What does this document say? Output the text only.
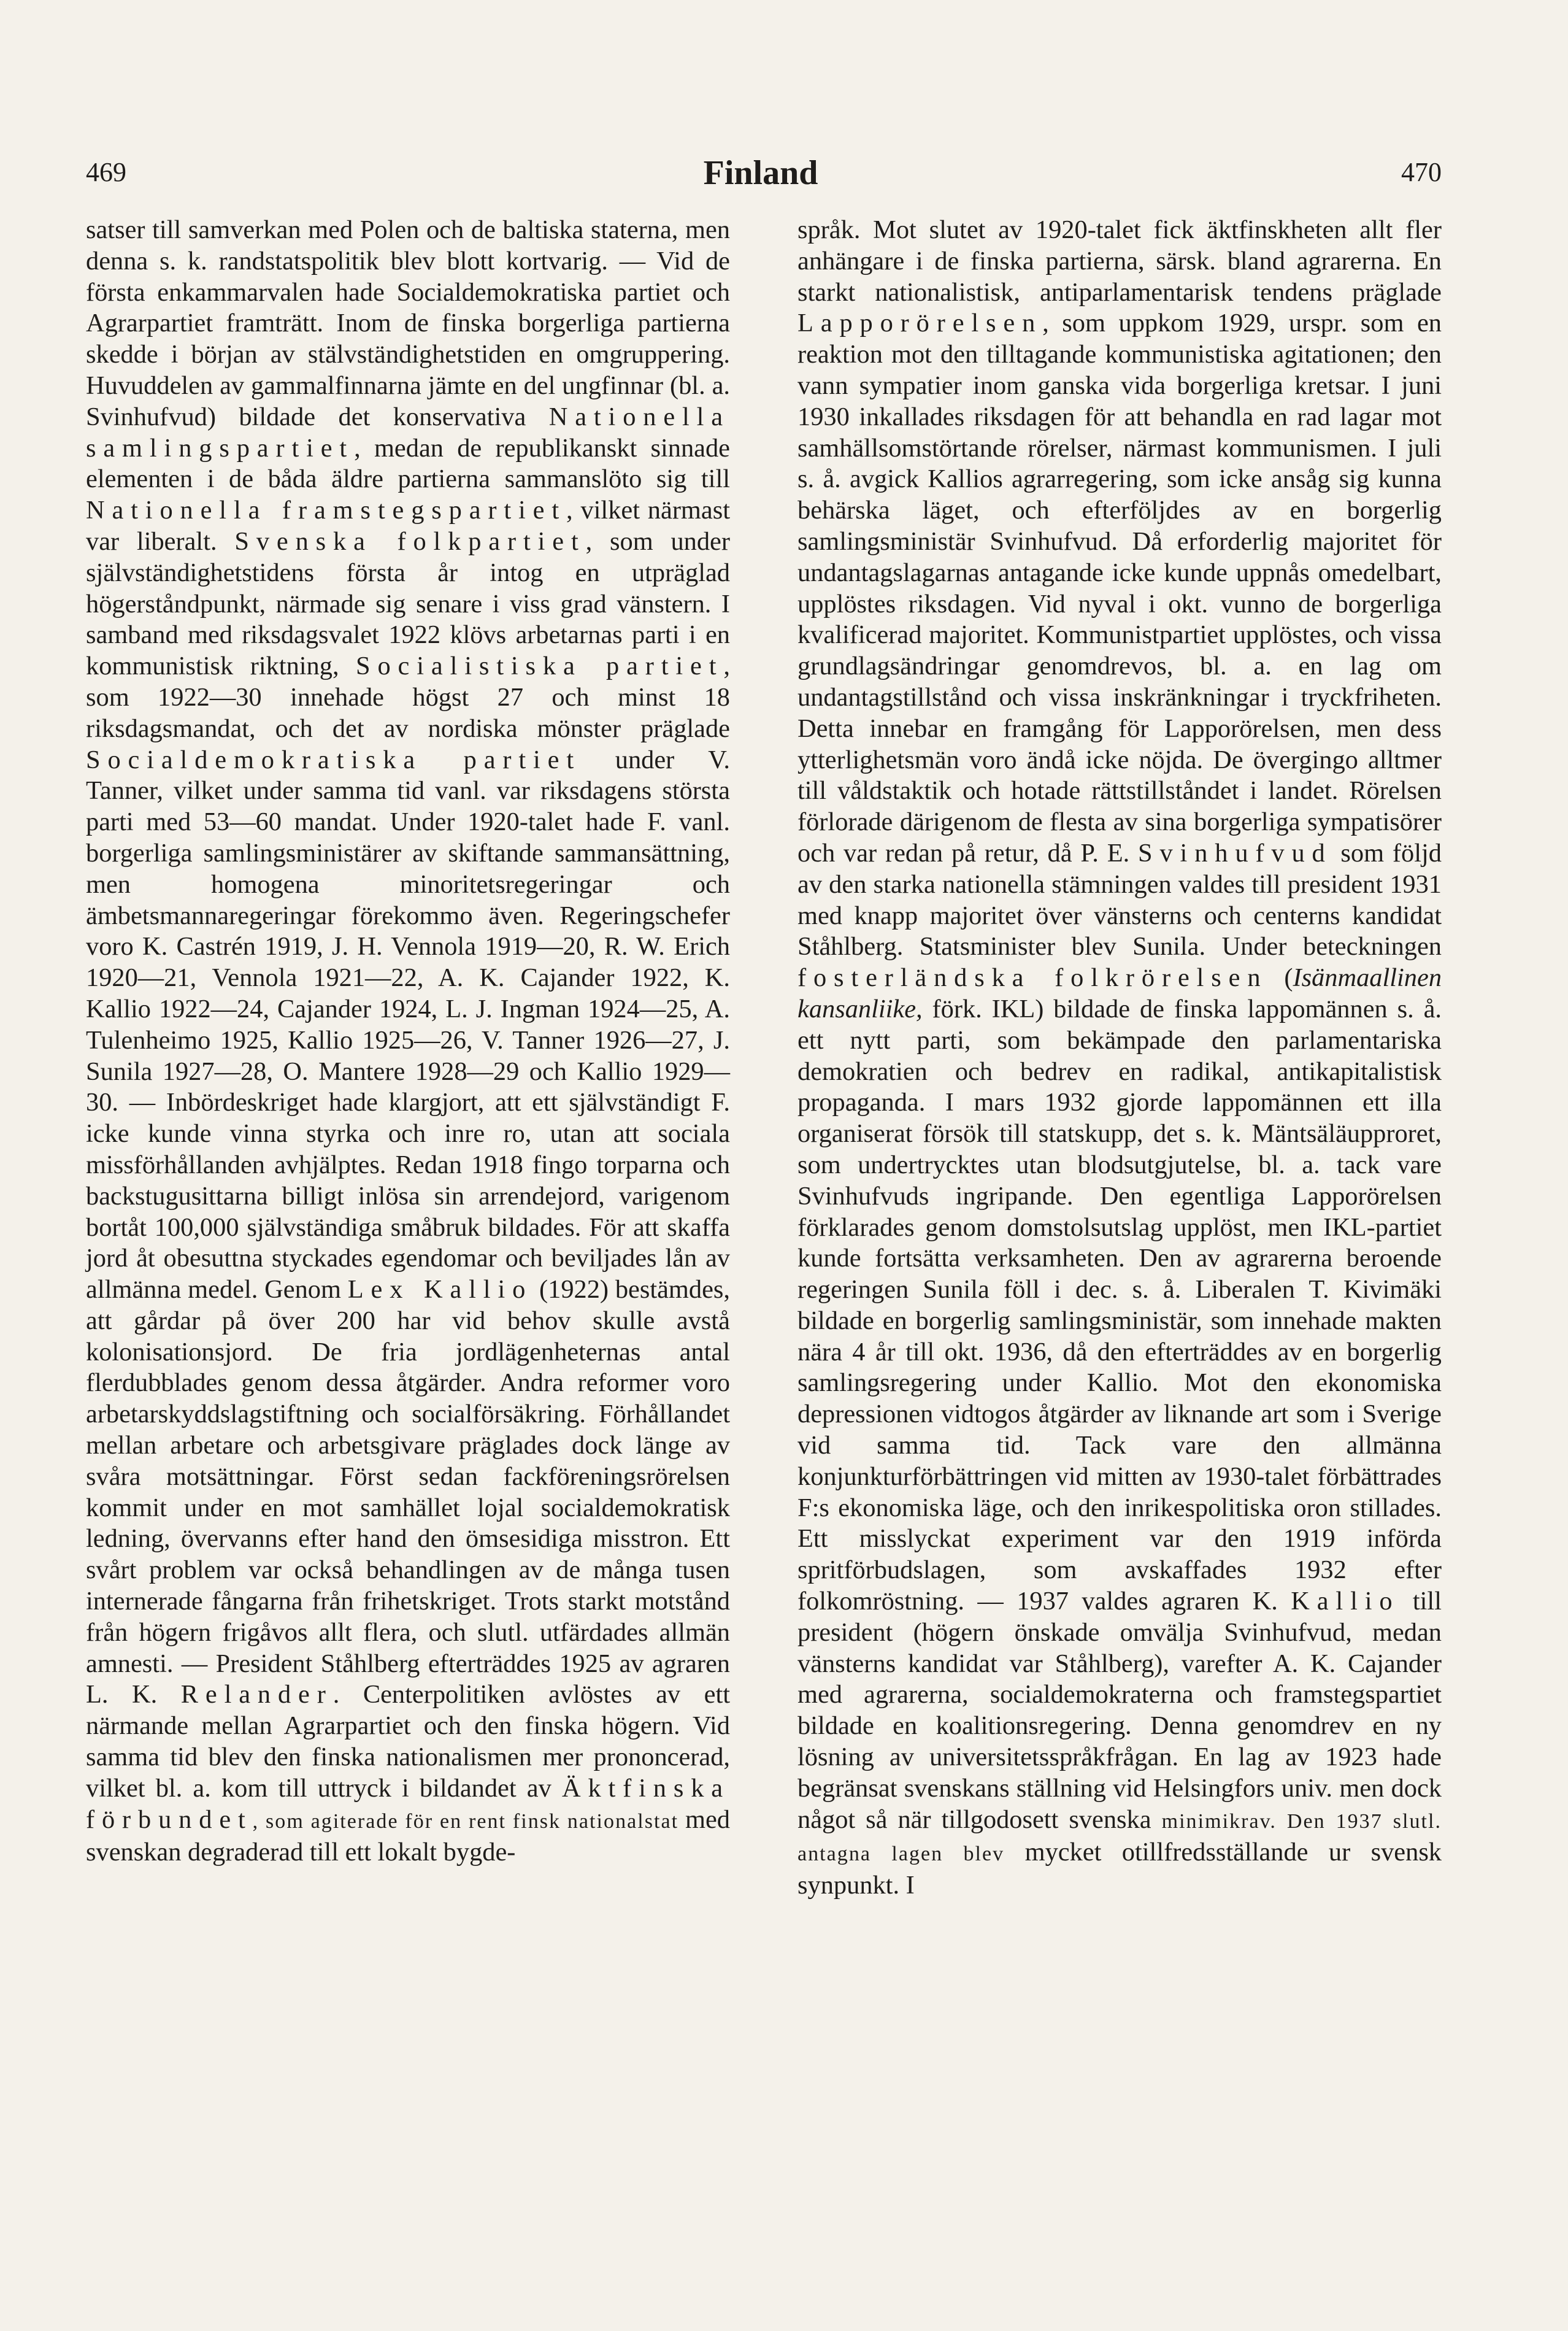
469	Finland	470

satser till samverkan med Polen och de baltiska staterna, men denna s. k. randstatspolitik blev blott kortvarig. — Vid de första enkammarvalen hade Socialdemokratiska partiet och Agrarpartiet framträtt. Inom de finska borgerliga partierna skedde i början av stälvständighetstiden en omgruppering. Huvuddelen av gammalfinnarna jämte en del ungfinnar (bl. a. Svinhufvud) bildade det konservativa Nationella samlingspartiet, medan de republikanskt sinnade elementen i de båda äldre partierna sammanslöto sig till Nationella framstegspartiet, vilket närmast var liberalt. Svenska folkpartiet, som under självständighetstidens första år intog en utpräglad högerståndpunkt, närmade sig senare i viss grad vänstern. I samband med riksdagsvalet 1922 klövs arbetarnas parti i en kommunistisk riktning, Socialistiska partiet, som 1922—30 innehade högst 27 och minst 18 riksdagsmandat, och det av nordiska mönster präglade Socialdemokratiska partiet under V. Tanner, vilket under samma tid vanl. var riksdagens största parti med 53—60 mandat. Under 1920-talet hade F. vanl. borgerliga samlingsministärer av skiftande sammansättning, men homogena minoritetsregeringar och ämbetsmannaregeringar förekommo även. Regeringschefer voro K. Castrén 1919, J. H. Vennola 1919—20, R. W. Erich 1920—21, Vennola 1921—22, A. K. Cajander 1922, K. Kallio 1922—24, Cajander 1924, L. J. Ingman 1924—25, A. Tulenheimo 1925, Kallio 1925—26, V. Tanner 1926—27, J. Sunila 1927—28, O. Mantere 1928—29 och Kallio 1929—30. — Inbördeskriget hade klargjort, att ett självständigt F. icke kunde vinna styrka och inre ro, utan att sociala missförhållanden avhjälptes. Redan 1918 fingo torparna och backstugusittarna billigt inlösa sin arrendejord, varigenom bortåt 100,000 självständiga småbruk bildades. För att skaffa jord åt obesuttna styckades egendomar och beviljades lån av allmänna medel. Genom Lex Kallio (1922) bestämdes, att gårdar på över 200 har vid behov skulle avstå kolonisationsjord. De fria jordlägenheternas antal flerdubblades genom dessa åtgärder. Andra reformer voro arbetarskyddslagstiftning och socialförsäkring. Förhållandet mellan arbetare och arbetsgivare präglades dock länge av svåra motsättningar. Först sedan fackföreningsrörelsen kommit under en mot samhället lojal socialdemokratisk ledning, övervanns efter hand den ömsesidiga misstron. Ett svårt problem var också behandlingen av de många tusen internerade fångarna från frihetskriget. Trots starkt motstånd från högern frigåvos allt flera, och slutl. utfärdades allmän amnesti. — President Ståhlberg efterträddes 1925 av agraren L. K. Relander. Centerpolitiken avlöstes av ett närmande mellan Agrarpartiet och den finska högern. Vid samma tid blev den finska nationalismen mer prononcerad, vilket bl. a. kom till uttryck i bildandet av Äktfinska förbundet, som agiterade för en rent finsk nationalstat med svenskan degraderad till ett lokalt bygde-

språk. Mot slutet av 1920-talet fick äktfinskheten allt fler anhängare i de finska partierna, särsk. bland agrarerna. En starkt nationalistisk, antiparlamentarisk tendens präglade Lapporörelsen, som uppkom 1929, urspr. som en reaktion mot den tilltagande kommunistiska agitationen; den vann sympatier inom ganska vida borgerliga kretsar. I juni 1930 inkallades riksdagen för att behandla en rad lagar mot samhällsomstörtande rörelser, närmast kommunismen. I juli s. å. avgick Kallios agrarregering, som icke ansåg sig kunna behärska läget, och efterföljdes av en borgerlig samlingsministär Svinhufvud. Då erforderlig majoritet för undantagslagarnas antagande icke kunde uppnås omedelbart, upplöstes riksdagen. Vid nyval i okt. vunno de borgerliga kvalificerad majoritet. Kommunistpartiet upplöstes, och vissa grundlagsändringar genomdrevos, bl. a. en lag om undantagstillstånd och vissa inskränkningar i tryckfriheten. Detta innebar en framgång för Lapporörelsen, men dess ytterlighetsmän voro ändå icke nöjda. De övergingo alltmer till våldstaktik och hotade rättstillståndet i landet. Rörelsen förlorade därigenom de flesta av sina borgerliga sympatisörer och var redan på retur, då P. E. Svinhufvud som följd av den starka nationella stämningen valdes till president 1931 med knapp majoritet över vänsterns och centerns kandidat Ståhlberg. Statsminister blev Sunila. Under beteckningen fosterländska folkrörelsen (Isänmaallinen kansanliike, förk. IKL) bildade de finska lappomännen s. å. ett nytt parti, som bekämpade den parlamentariska demokratien och bedrev en radikal, antikapitalistisk propaganda. I mars 1932 gjorde lappomännen ett illa organiserat försök till statskupp, det s. k. Mäntsäläupproret, som undertrycktes utan blodsutgjutelse, bl. a. tack vare Svinhufvuds ingripande. Den egentliga Lapporörelsen förklarades genom domstolsutslag upplöst, men IKL-partiet kunde fortsätta verksamheten. Den av agrarerna beroende regeringen Sunila föll i dec. s. å. Liberalen T. Kivimäki bildade en borgerlig samlingsministär, som innehade makten nära 4 år till okt. 1936, då den efterträddes av en borgerlig samlingsregering under Kallio. Mot den ekonomiska depressionen vidtogos åtgärder av liknande art som i Sverige vid samma tid. Tack vare den allmänna konjunkturförbättringen vid mitten av 1930-talet förbättrades F:s ekonomiska läge, och den inrikespolitiska oron stillades. Ett misslyckat experiment var den 1919 införda spritförbudslagen, som avskaffades 1932 efter folkomröstning. — 1937 valdes agraren K. Kallio till president (högern önskade omvälja Svinhufvud, medan vänsterns kandidat var Ståhlberg), varefter A. K. Cajander med agrarerna, socialdemokraterna och framstegspartiet bildade en koalitionsregering. Denna genomdrev en ny lösning av universitetsspråkfrågan. En lag av 1923 hade begränsat svenskans ställning vid Helsingfors univ. men dock något så när tillgodosett svenska minimikrav. Den 1937 slutl. antagna lagen blev mycket otillfredsställande ur svensk synpunkt. I
